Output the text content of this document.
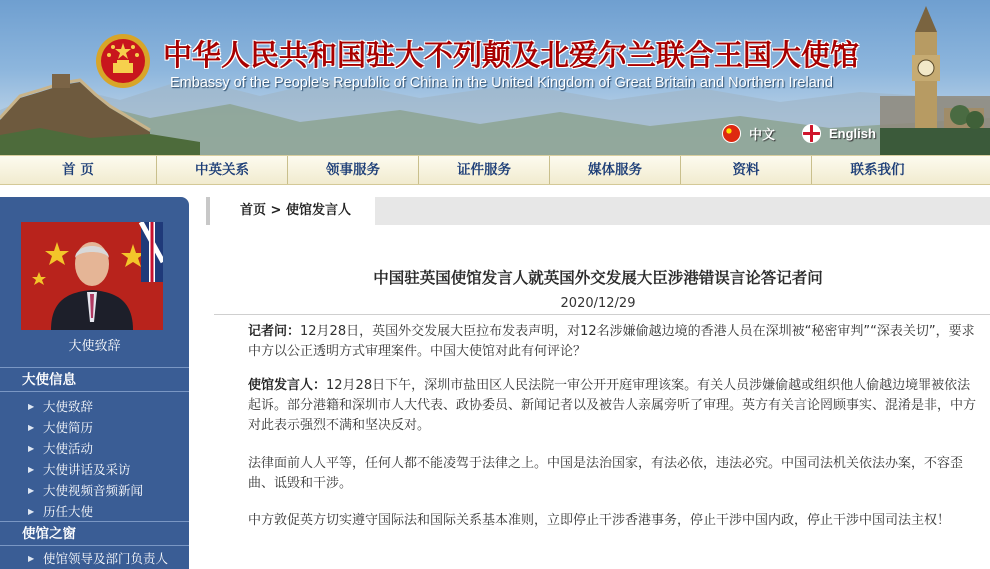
中华人民共和国驻大不列颠及北爱尔兰联合王国大使馆
Embassy of the People's Republic of China in the United Kingdom of Great Britain and Northern Ireland
中文	English
首 页	中英关系	领事服务	证件服务	媒体服务	资料	联系我们
大使致辞
大使信息
▶ 大使致辞
▶ 大使简历
▶ 大使活动
▶ 大使讲话及采访
▶ 大使视频音频新闻
▶ 历任大使
使馆之窗
▶ 使馆领导及部门负责人
首页 > 使馆发言人
中国驻英国使馆发言人就英国外交发展大臣涉港错误言论答记者问
2020/12/29
记者问：12月28日，英国外交发展大臣拉布发表声明，对12名涉嫌偷越边境的香港人员在深圳被“秘密审判”“深表关切”，要求中方以公正透明方式审理案件。中国大使馆对此有何评论？
使馆发言人：12月28日下午，深圳市盐田区人民法院一审公开开庭审理该案。有关人员涉嫌偷越或组织他人偷越边境罪被依法起诉。部分港籍和深圳市人大代表、政协委员、新闻记者以及被告人亲属旁听了审理。英方有关言论罔顾事实、混淆是非，中方对此表示强烈不满和坚决反对。
法律面前人人平等，任何人都不能凌驾于法律之上。中国是法治国家，有法必依，违法必究。中国司法机关依法办案，不容歪曲、诋毁和干涉。
中方敦促英方切实遵守国际法和国际关系基本准则，立即停止干涉香港事务，停止干涉中国内政，停止干涉中国司法主权！
